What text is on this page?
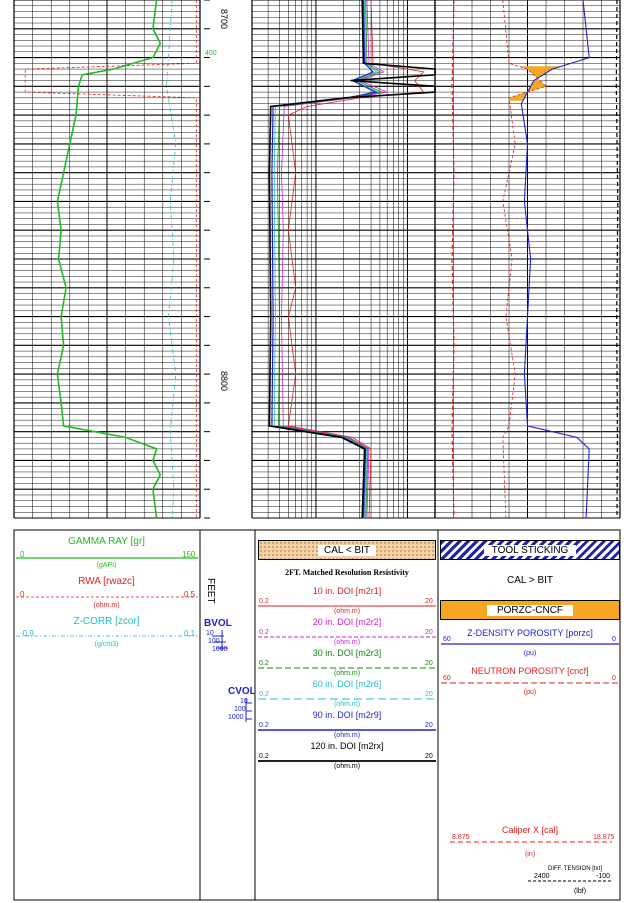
8700
8800
400
GAMMA RAY [gr]
0	150
(gAPI)
RWA [rwazc]
0	0.5
(ohm.m)
Z-CORR [zcor]
-0.9	0.1
(g/cm3)
FEET
BVOL
10
100
1000
CVOL
10
100
1000
CAL < BIT
2FT. Matched Resolution Resistivity
10 in. DOI [m2r1]
0.2	20
(ohm.m)
20 in. DOI [m2r2]
0.2	20
(ohm.m)
30 in. DOI [m2r3]
0.2	20
(ohm.m)
60 in. DOI [m2r6]
0.2	20
(ohm.m)
90 in. DOI [m2r9]
0.2	20
(ohm.m)
120 in. DOI [m2rx]
0.2	20
(ohm.m)
TOOL STICKING
CAL > BIT
PORZC-CNCF
Z-DENSITY POROSITY [porzc]
60	0
(pu)
NEUTRON POROSITY [cncf]
60	0
(pu)
Caliper X [cal]
8.875	18.875
(in)
DIFF. TENSION [txt]
2400	-100
(lbf)
